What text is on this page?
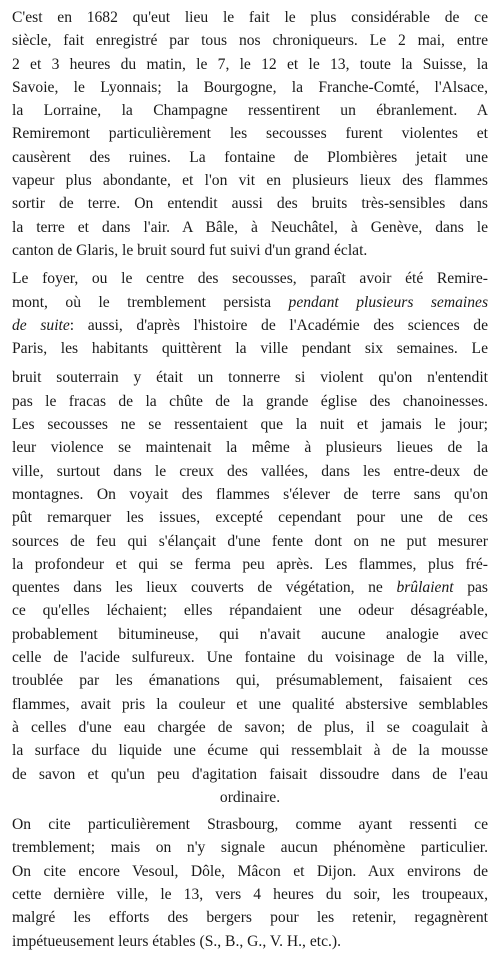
C'est en 1682 qu'eut lieu le fait le plus considérable de ce

siècle, fait enregistré par tous nos chroniqueurs. Le 2 mai, entre

2 et 3 heures du matin, le 7, le 12 et le 13, toute la Suisse, la

Savoie, le Lyonnais; la Bourgogne, la Franche-Comté, l'Alsace,

la Lorraine, la Champagne ressentirent un ébranlement. A

Remiremont particulièrement les secousses furent violentes et

causèrent des ruines. La fontaine de Plombières jetait une

vapeur plus abondante, et l'on vit en plusieurs lieux des flammes

sortir de terre. On entendit aussi des bruits très-sensibles dans

la terre et dans l'air. A Bâle, à Neuchâtel, à Genève, dans le

canton de Glaris, le bruit sourd fut suivi d'un grand éclat.

Le foyer, ou le centre des secousses, paraît avoir été Remire-

mont, où le tremblement persista pendant plusieurs semaines

de suite: aussi, d'après l'histoire de l'Académie des sciences de

Paris, les habitants quittèrent la ville pendant six semaines. Le

bruit souterrain y était un tonnerre si violent qu'on n'entendit

pas le fracas de la chûte de la grande église des chanoinesses.

Les secousses ne se ressentaient que la nuit et jamais le jour;

leur violence se maintenait la même à plusieurs lieues de la

ville, surtout dans le creux des vallées, dans les entre-deux de

montagnes. On voyait des flammes s'élever de terre sans qu'on

pût remarquer les issues, excepté cependant pour une de ces

sources de feu qui s'élançait d'une fente dont on ne put mesurer

la profondeur et qui se ferma peu après. Les flammes, plus fré-

quentes dans les lieux couverts de végétation, ne brûlaient pas

ce qu'elles léchaient; elles répandaient une odeur désagréable,

probablement bitumineuse, qui n'avait aucune analogie avec

celle de l'acide sulfureux. Une fontaine du voisinage de la ville,

troublée par les émanations qui, présumablement, faisaient ces

flammes, avait pris la couleur et une qualité abstersive semblables

à celles d'une eau chargée de savon; de plus, il se coagulait à

la surface du liquide une écume qui ressemblait à de la mousse

de savon et qu'un peu d'agitation faisait dissoudre dans de l'eau

ordinaire.

On cite particulièrement Strasbourg, comme ayant ressenti ce

tremblement; mais on n'y signale aucun phénomène particulier.

On cite encore Vesoul, Dôle, Mâcon et Dijon. Aux environs de

cette dernière ville, le 13, vers 4 heures du soir, les troupeaux,

malgré les efforts des bergers pour les retenir, regagnèrent

impétueusement leurs étables (S., B., G., V. H., etc.).
